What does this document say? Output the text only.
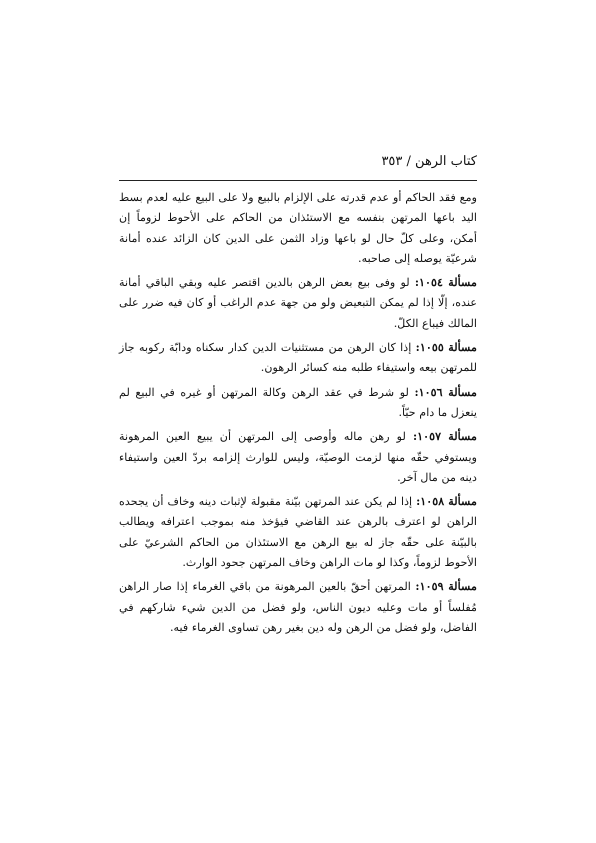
كتاب الرهن / ٣٥٣

ومع فقد الحاكم أو عدم قدرته على الإلزام بالبيع ولا على البيع عليه لعدم بسط اليد باعها المرتهن بنفسه مع الاستئذان من الحاكم على الأحوط لزوماً إن أمكن، وعلى كلّ حال لو باعها وزاد الثمن على الدين كان الزائد عنده أمانة شرعيّة يوصله إلى صاحبه.

مسألة ١٠٥٤: لو وفى بيع بعض الرهن بالدين اقتصر عليه وبقي الباقي أمانة عنده، إلّا إذا لم يمكن التبعيض ولو من جهة عدم الراغب أو كان فيه ضرر على المالك فيباع الكلّ.

مسألة ١٠٥٥: إذا كان الرهن من مستثنيات الدين كدار سكناه ودابّة ركوبه جاز للمرتهن بيعه واستيفاء طلبه منه كسائر الرهون.

مسألة ١٠٥٦: لو شرط في عقد الرهن وكالة المرتهن أو غيره في البيع لم ينعزل ما دام حيّاً.

مسألة ١٠٥٧: لو رهن ماله وأوصى إلى المرتهن أن يبيع العين المرهونة ويستوفي حقّه منها لزمت الوصيّة، وليس للوارث إلزامه بردّ العين واستيفاء دينه من مال آخر.

مسألة ١٠٥٨: إذا لم يكن عند المرتهن بيّنة مقبولة لإثبات دينه وخاف أن يجحده الراهن لو اعترف بالرهن عند القاضي فيؤخذ منه بموجب اعترافه ويطالب بالبيّنة على حقّه جاز له بيع الرهن مع الاستئذان من الحاكم الشرعيّ على الأحوط لزوماً، وكذا لو مات الراهن وخاف المرتهن جحود الوارث.

مسألة ١٠٥٩: المرتهن أحقّ بالعين المرهونة من باقي الغرماء إذا صار الراهن مُفلساً أو مات وعليه ديون الناس، ولو فضل من الدين شيء شاركهم في الفاضل، ولو فضل من الرهن وله دين بغير رهن تساوى الغرماء فيه.
